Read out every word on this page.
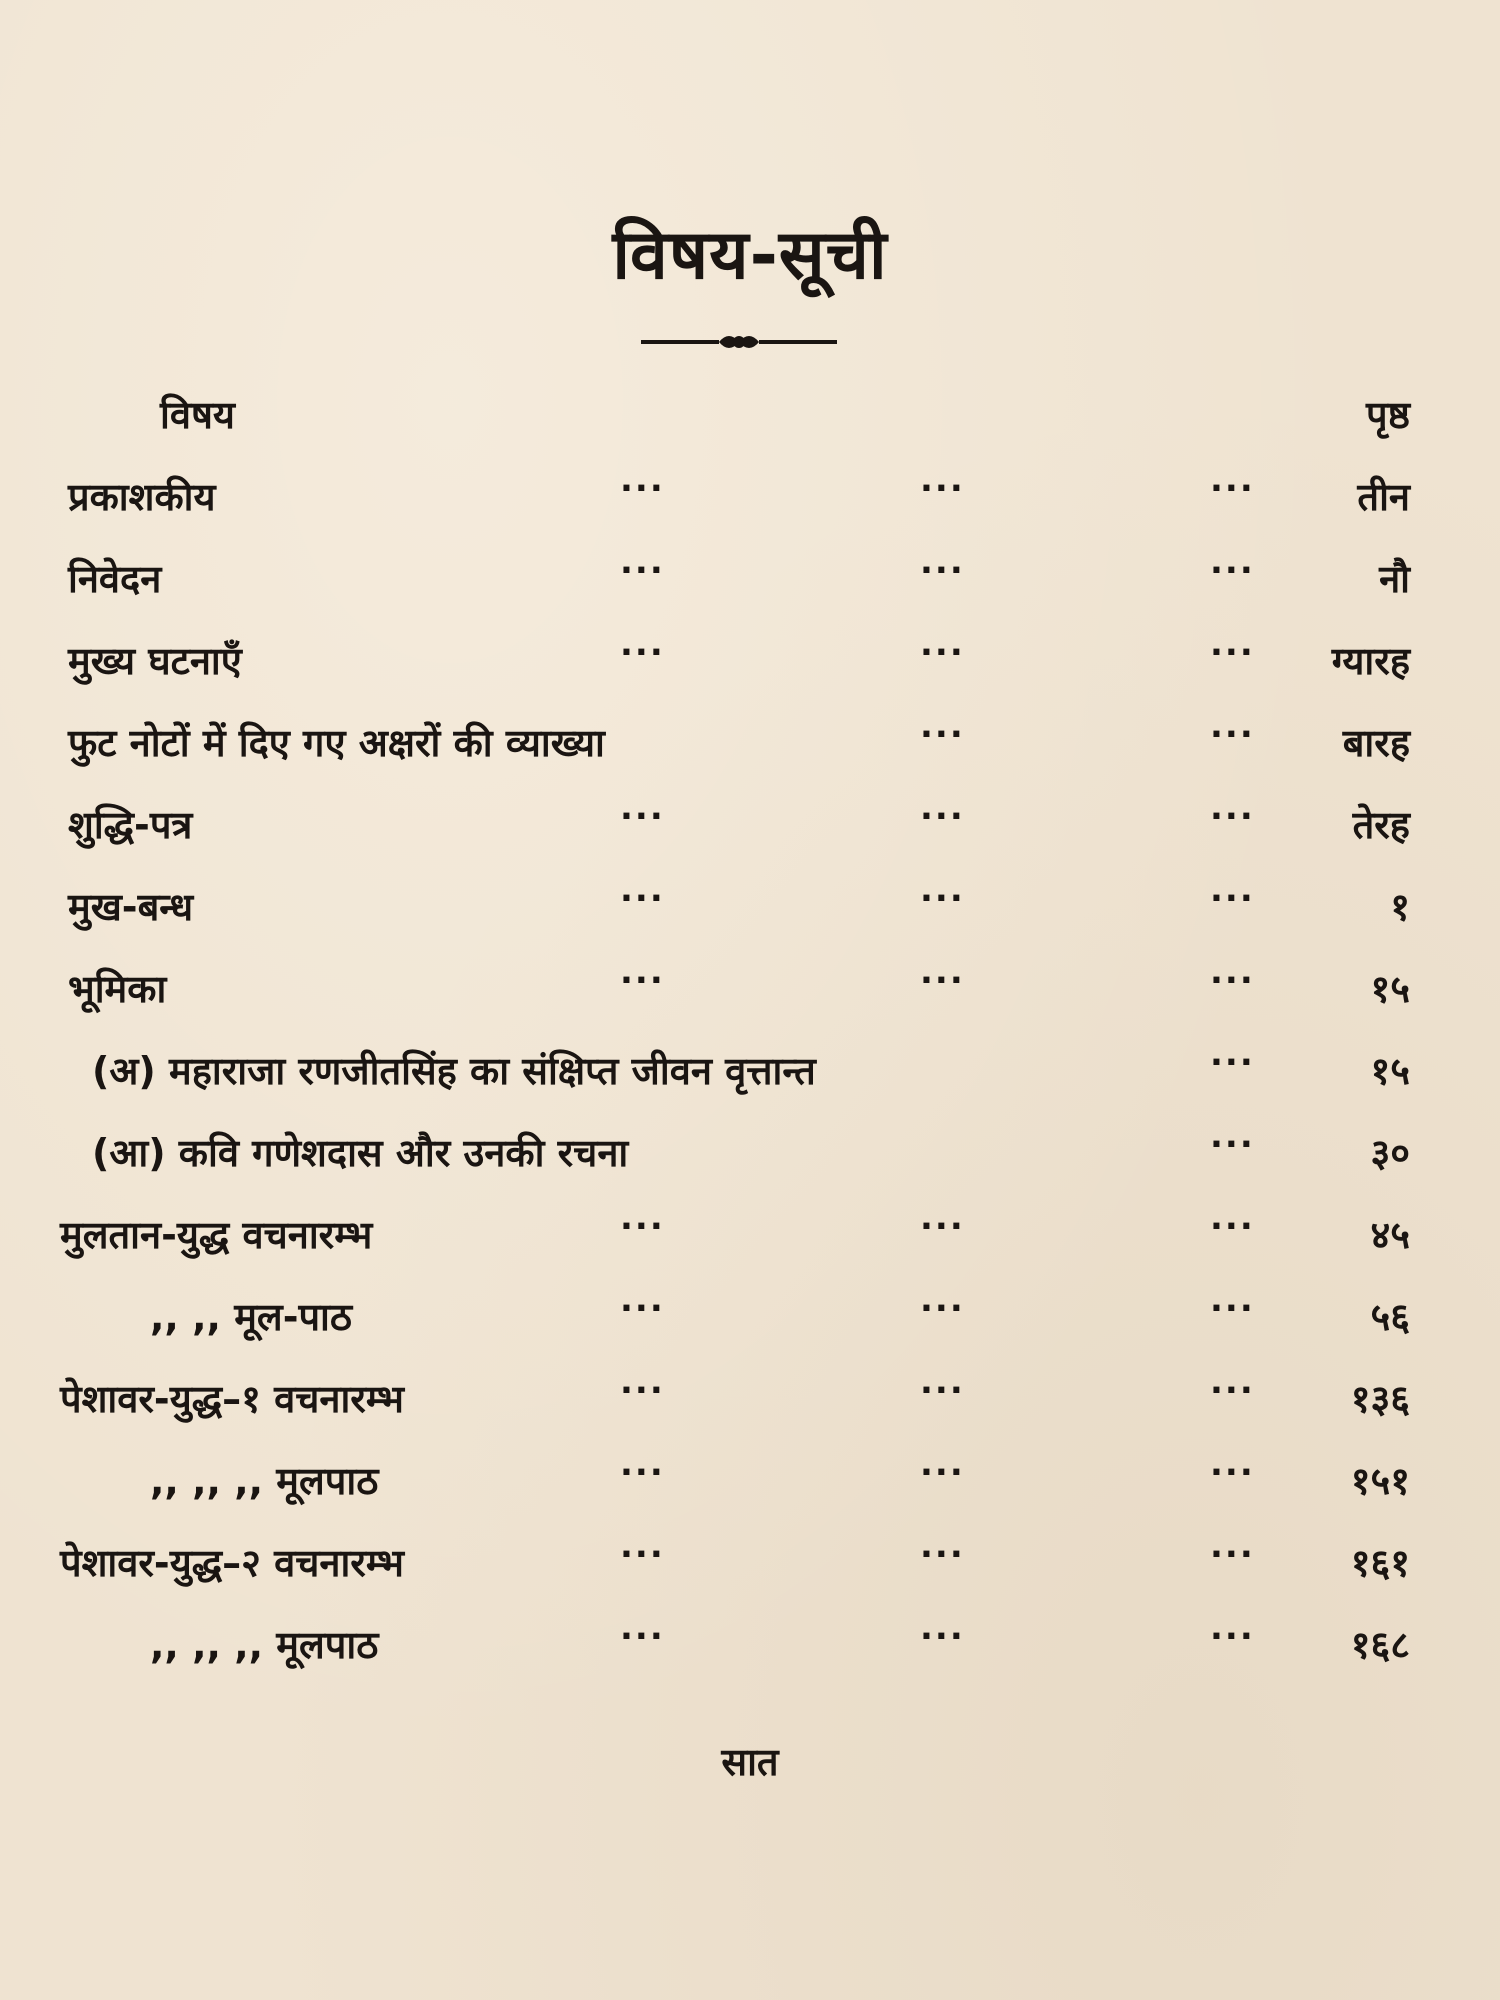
विषय-सूची
विषय	पृष्ठ
प्रकाशकीय	...	...	...	तीन
निवेदन	...	...	...	नौ
मुख्य घटनाएँ	...	...	... ग्यारह
फुट नोटों में दिए गए अक्षरों की व्याख्या	...	... बारह
शुद्धि-पत्र	...	...	...	तेरह
मुख-बन्ध	...	...	...	१
भूमिका	...	...	...	१५
(अ) महाराजा रणजीतसिंह का संक्षिप्त जीवन वृत्तान्त	...	१५
(आ) कवि गणेशदास और उनकी रचना	...	३०
मुलतान-युद्ध वचनारम्भ	...	...	...	४५
,, ,, मूल-पाठ	...	...	...	५६
पेशावर-युद्ध–१ वचनारम्भ	...	...	...	१३६
,, ,, ,, मूलपाठ	...	...	...	१५१
पेशावर-युद्ध–२ वचनारम्भ	...	...	...	१६१
,, ,, ,, मूलपाठ	...	...	...	१६८
सात
